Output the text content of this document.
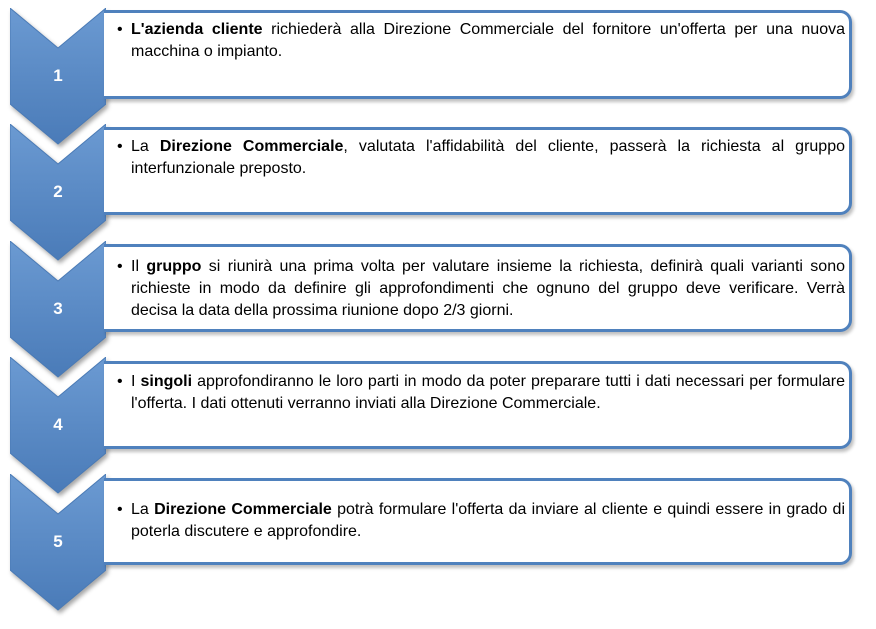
1

• L'azienda cliente richiederà alla Direzione Commerciale del fornitore un'offerta per una nuova macchina o impianto.

2

• La Direzione Commerciale, valutata l'affidabilità del cliente, passerà la richiesta al gruppo interfunzionale preposto.

3

• Il gruppo si riunirà una prima volta per valutare insieme la richiesta, definirà quali varianti sono richieste in modo da definire gli approfondimenti che ognuno del gruppo deve verificare. Verrà decisa la data della prossima riunione dopo 2/3 giorni.

4

• I singoli approfondiranno le loro parti in modo da poter preparare tutti i dati necessari per formulare l'offerta. I dati ottenuti verranno inviati alla Direzione Commerciale.

5

• La Direzione Commerciale potrà formulare l'offerta da inviare al cliente e quindi essere in grado di poterla discutere e approfondire.
